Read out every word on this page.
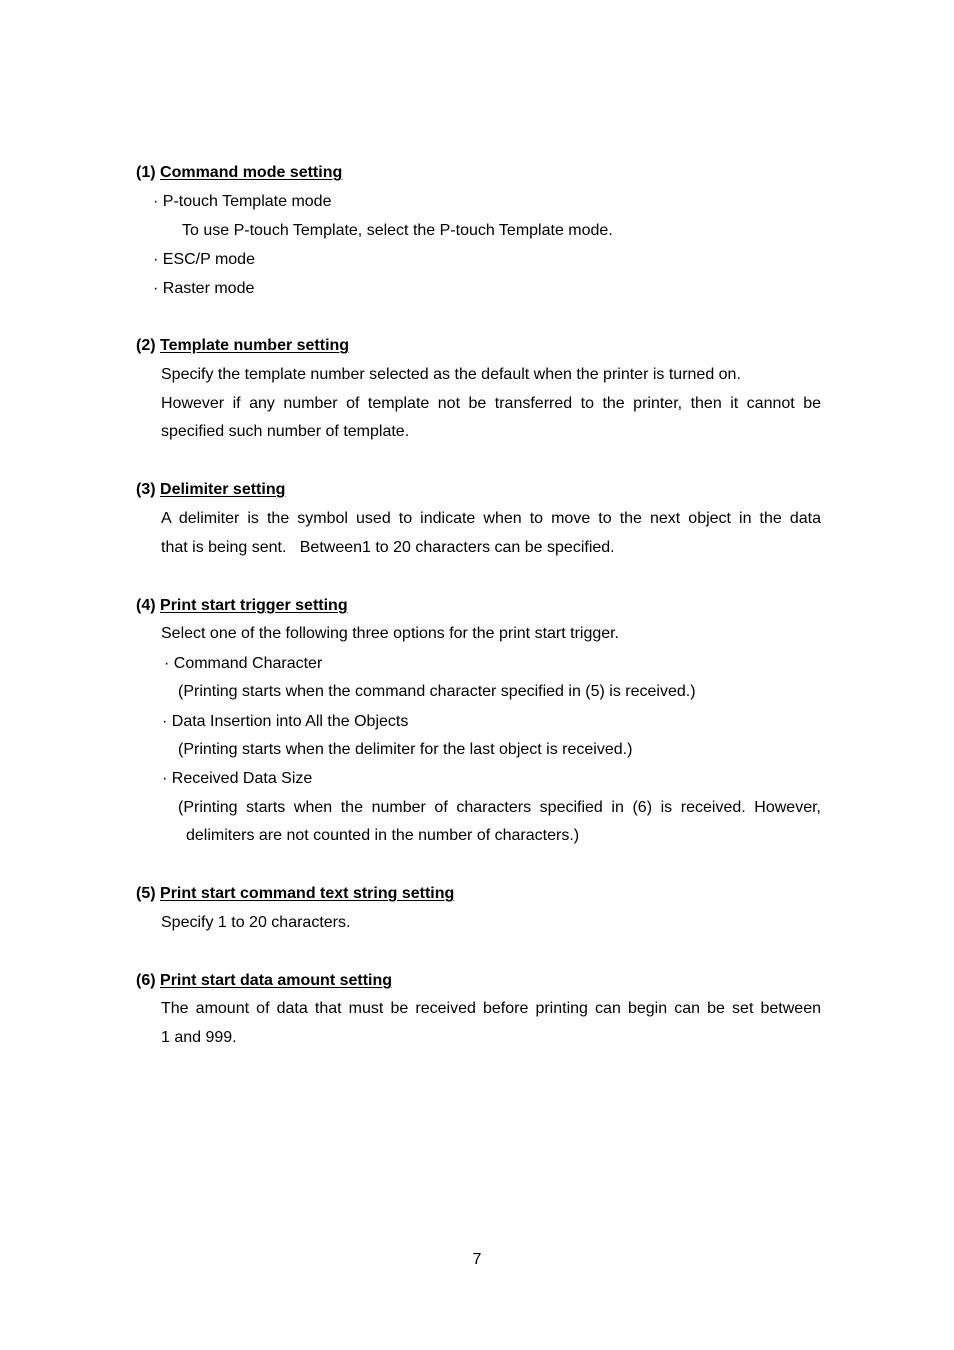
(1) Command mode setting
· P-touch Template mode
To use P-touch Template, select the P-touch Template mode.
· ESC/P mode
· Raster mode
(2) Template number setting
Specify the template number selected as the default when the printer is turned on.
However if any number of template not be transferred to the printer, then it cannot be
specified such number of template.
(3) Delimiter setting
A delimiter is the symbol used to indicate when to move to the next object in the data
that is being sent.   Between1 to 20 characters can be specified.
(4) Print start trigger setting
Select one of the following three options for the print start trigger.
· Command Character
(Printing starts when the command character specified in (5) is received.)
· Data Insertion into All the Objects
(Printing starts when the delimiter for the last object is received.)
· Received Data Size
(Printing starts when the number of characters specified in (6) is received. However,
delimiters are not counted in the number of characters.)
(5) Print start command text string setting
Specify 1 to 20 characters.
(6) Print start data amount setting
The amount of data that must be received before printing can begin can be set between
1 and 999.
7
